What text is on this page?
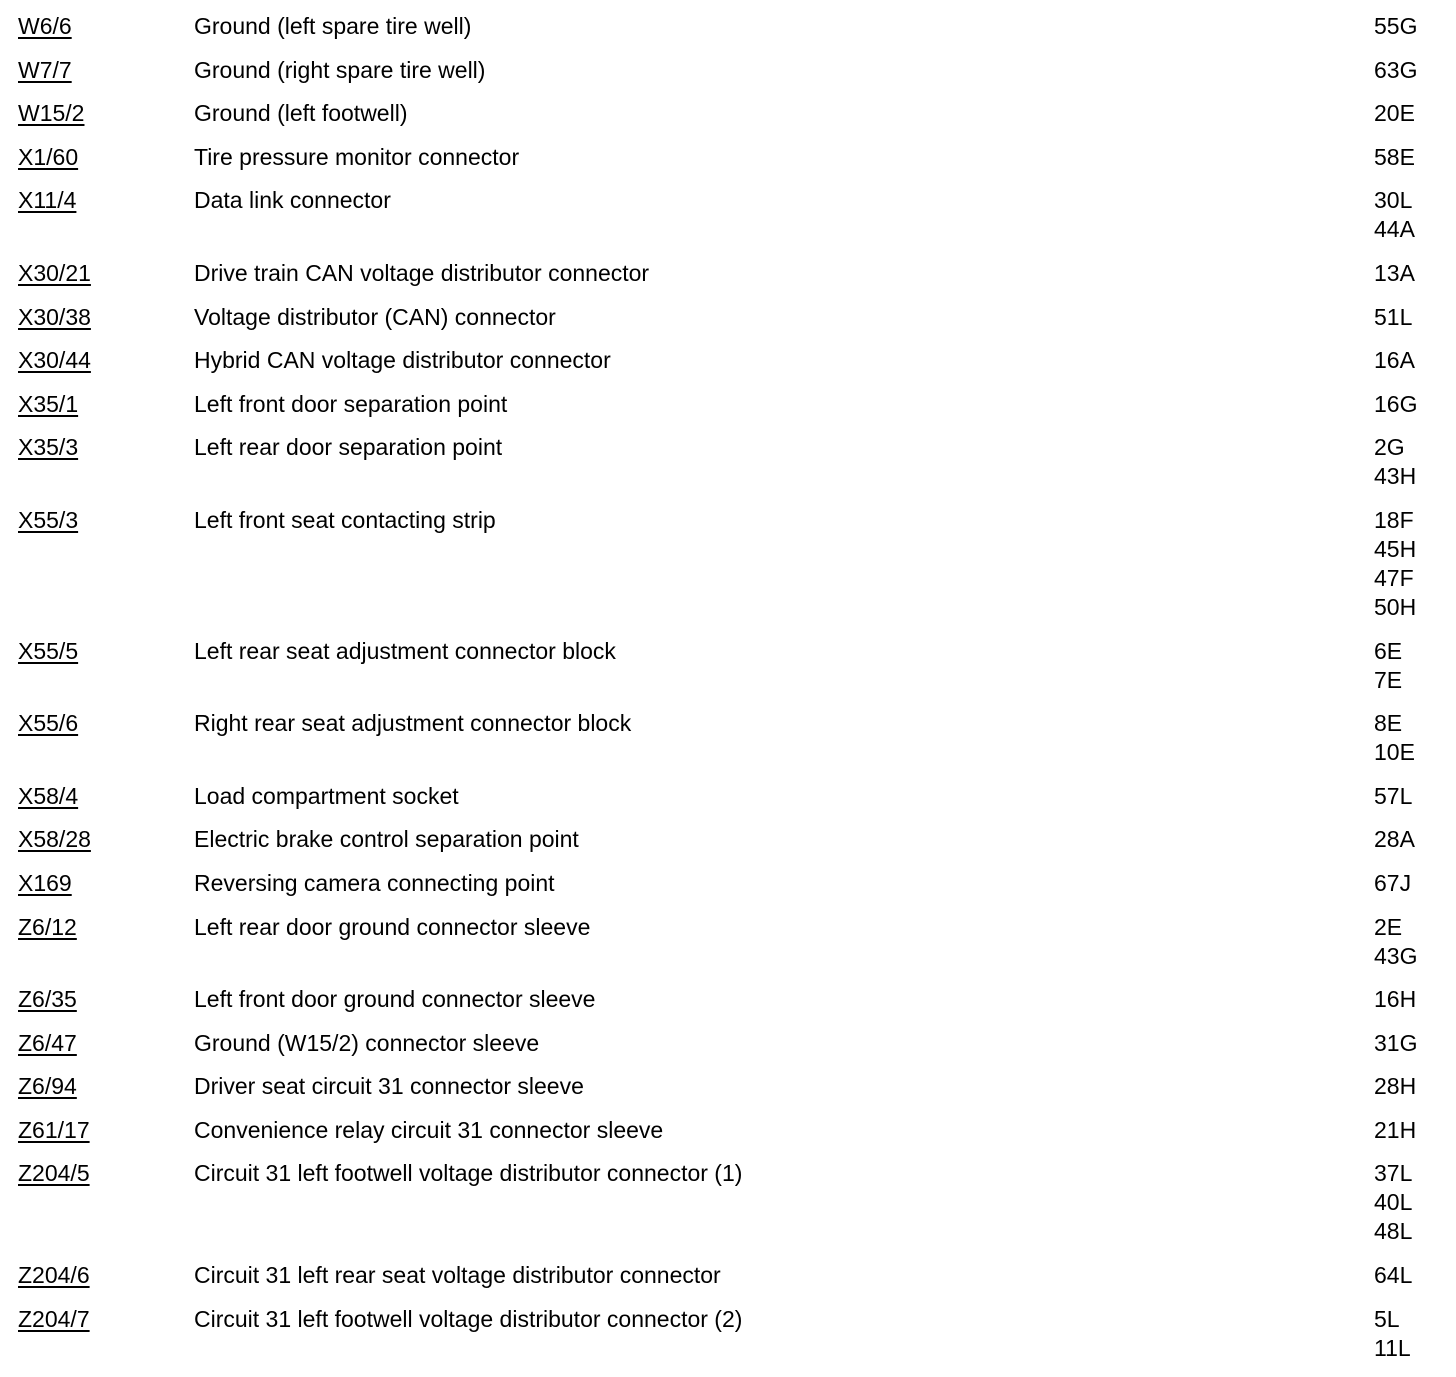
W6/6	Ground (left spare tire well)	55G
W7/7	Ground (right spare tire well)	63G
W15/2	Ground (left footwell)	20E
X1/60	Tire pressure monitor connector	58E
X11/4	Data link connector	30L
44A
X30/21	Drive train CAN voltage distributor connector	13A
X30/38	Voltage distributor (CAN) connector	51L
X30/44	Hybrid CAN voltage distributor connector	16A
X35/1	Left front door separation point	16G
X35/3	Left rear door separation point	2G
43H
X55/3	Left front seat contacting strip	18F
45H
47F
50H
X55/5	Left rear seat adjustment connector block	6E
7E
X55/6	Right rear seat adjustment connector block	8E
10E
X58/4	Load compartment socket	57L
X58/28	Electric brake control separation point	28A
X169	Reversing camera connecting point	67J
Z6/12	Left rear door ground connector sleeve	2E
43G
Z6/35	Left front door ground connector sleeve	16H
Z6/47	Ground (W15/2) connector sleeve	31G
Z6/94	Driver seat circuit 31 connector sleeve	28H
Z61/17	Convenience relay circuit 31 connector sleeve	21H
Z204/5	Circuit 31 left footwell voltage distributor connector (1)	37L
40L
48L
Z204/6	Circuit 31 left rear seat voltage distributor connector	64L
Z204/7	Circuit 31 left footwell voltage distributor connector (2)	5L
11L
